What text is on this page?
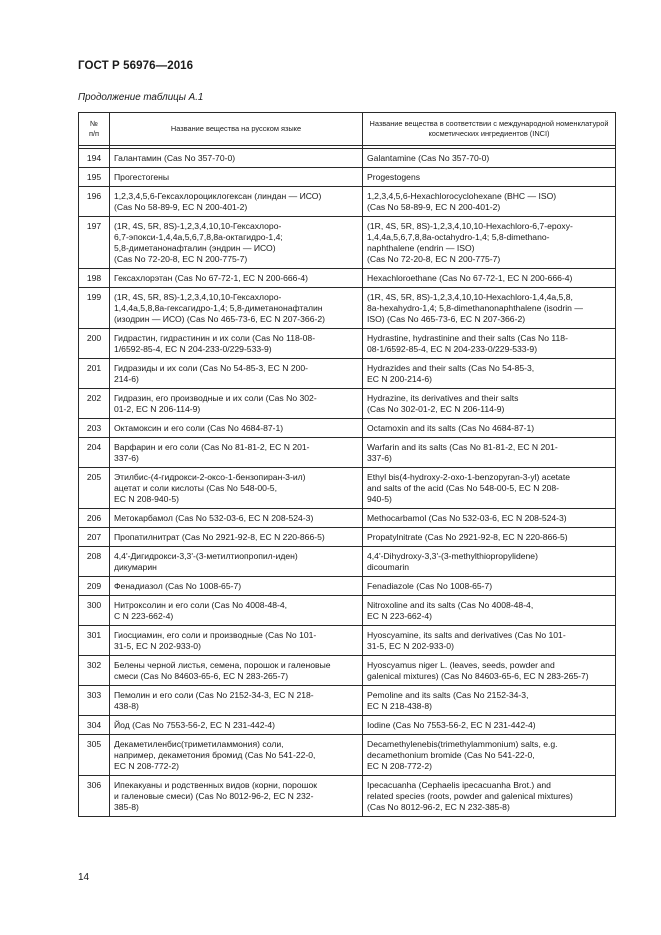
ГОСТ Р 56976—2016
Продолжение таблицы А.1
№
п/п	Название вещества на русском языке	Название вещества в соответствии с международной номенклатурой косметических ингредиентов (INCI)

194	Галантамин (Cas No 357-70-0)	Galantamine (Cas No 357-70-0)
195	Прогестогены	Progestogens
196	1,2,3,4,5,6-Гексахлороциклогексан (линдан — ИСО)
(Cas No 58-89-9, EC N 200-401-2)	1,2,3,4,5,6-Hexachlorocyclohexane (BHC — ISO)
(Cas No 58-89-9, EC N 200-401-2)
197	(1R, 4S, 5R, 8S)-1,2,3,4,10,10-Гексахлоро-
6,7-эпокси-1,4,4a,5,6,7,8,8a-октагидро-1,4;
5,8-диметанонафталин (эндрин — ИСО)
(Cas No 72-20-8, EC N 200-775-7)	(1R, 4S, 5R, 8S)-1,2,3,4,10,10-Hexachloro-6,7-epoxy-
1,4,4a,5,6,7,8,8a-octahydro-1,4; 5,8-dimethano-
naphthalene (endrin — ISO)
(Cas No 72-20-8, EC N 200-775-7)
198	Гексахлорэтан (Cas No 67-72-1, EC N 200-666-4)	Hexachloroethane (Cas No 67-72-1, EC N 200-666-4)
199	(1R, 4S, 5R, 8S)-1,2,3,4,10,10-Гексахлоро-
1,4,4a,5,8,8a-гексагидро-1,4; 5,8-диметанонафталин
(изодрин — ИСО) (Cas No 465-73-6, EC N 207-366-2)	(1R, 4S, 5R, 8S)-1,2,3,4,10,10-Hexachloro-1,4,4a,5,8,
8a-hexahydro-1,4; 5,8-dimethanonaphthalene (isodrin —
ISO) (Cas No 465-73-6, EC N 207-366-2)
200	Гидрастин, гидрастинин и их соли (Cas No 118-08-
1/6592-85-4, EC N 204-233-0/229-533-9)	Hydrastine, hydrastinine and their salts (Cas No 118-
08-1/6592-85-4, EC N 204-233-0/229-533-9)
201	Гидразиды и их соли (Cas No 54-85-3, EC N 200-
214-6)	Hydrazides and their salts (Cas No 54-85-3,
EC N 200-214-6)
202	Гидразин, его производные и их соли (Cas No 302-
01-2, EC N 206-114-9)	Hydrazine, its derivatives and their salts
(Cas No 302-01-2, EC N 206-114-9)
203	Октамоксин и его соли (Cas No 4684-87-1)	Octamoxin and its salts (Cas No 4684-87-1)
204	Варфарин и его соли (Cas No 81-81-2, EC N 201-
337-6)	Warfarin and its salts (Cas No 81-81-2, EC N 201-
337-6)
205	Этилбис-(4-гидрокси-2-оксо-1-бензопиран-3-ил)
ацетат и соли кислоты (Cas No 548-00-5,
EC N 208-940-5)	Ethyl bis(4-hydroxy-2-oxo-1-benzopyran-3-yl) acetate
and salts of the acid (Cas No 548-00-5, EC N 208-
940-5)
206	Метокарбамол (Cas No 532-03-6, EC N 208-524-3)	Methocarbamol (Cas No 532-03-6, EC N 208-524-3)
207	Пропатилнитрат (Cas No 2921-92-8, EC N 220-866-5)	Propatylnitrate (Cas No 2921-92-8, EC N 220-866-5)
208	4,4'-Дигидрокси-3,3'-(3-метилтиопропил-иден)
дикумарин	4,4'-Dihydroxy-3,3'-(3-methylthiopropylidene)
dicoumarin
209	Фенадиазол (Cas No 1008-65-7)	Fenadiazole (Cas No 1008-65-7)
300	Нитроксолин и его соли (Cas No 4008-48-4,
C N 223-662-4)	Nitroxoline and its salts (Cas No 4008-48-4,
EC N 223-662-4)
301	Гиосциамин, его соли и производные (Cas No 101-
31-5, EC N 202-933-0)	Hyoscyamine, its salts and derivatives (Cas No 101-
31-5, EC N 202-933-0)
302	Белены черной листья, семена, порошок и галеновые
смеси (Cas No 84603-65-6, EC N 283-265-7)	Hyoscyamus niger L. (leaves, seeds, powder and
galenical mixtures) (Cas No 84603-65-6, EC N 283-265-7)
303	Пемолин и его соли (Cas No 2152-34-3, EC N 218-
438-8)	Pemoline and its salts (Cas No 2152-34-3,
EC N 218-438-8)
304	Йод (Cas No 7553-56-2, EC N 231-442-4)	Iodine (Cas No 7553-56-2, EC N 231-442-4)
305	Декаметиленбис(триметиламмония) соли,
например, декаметония бромид (Cas No 541-22-0,
EC N 208-772-2)	Decamethylenebis(trimethylammonium) salts, e.g.
decamethonium bromide (Cas No 541-22-0,
EC N 208-772-2)
306	Ипекакуаны и родственных видов (корни, порошок
и галеновые смеси) (Cas No 8012-96-2, EC N 232-
385-8)	Ipecacuanha (Cephaelis ipecacuanha Brot.) and
related species (roots, powder and galenical mixtures)
(Cas No 8012-96-2, EC N 232-385-8)
14
